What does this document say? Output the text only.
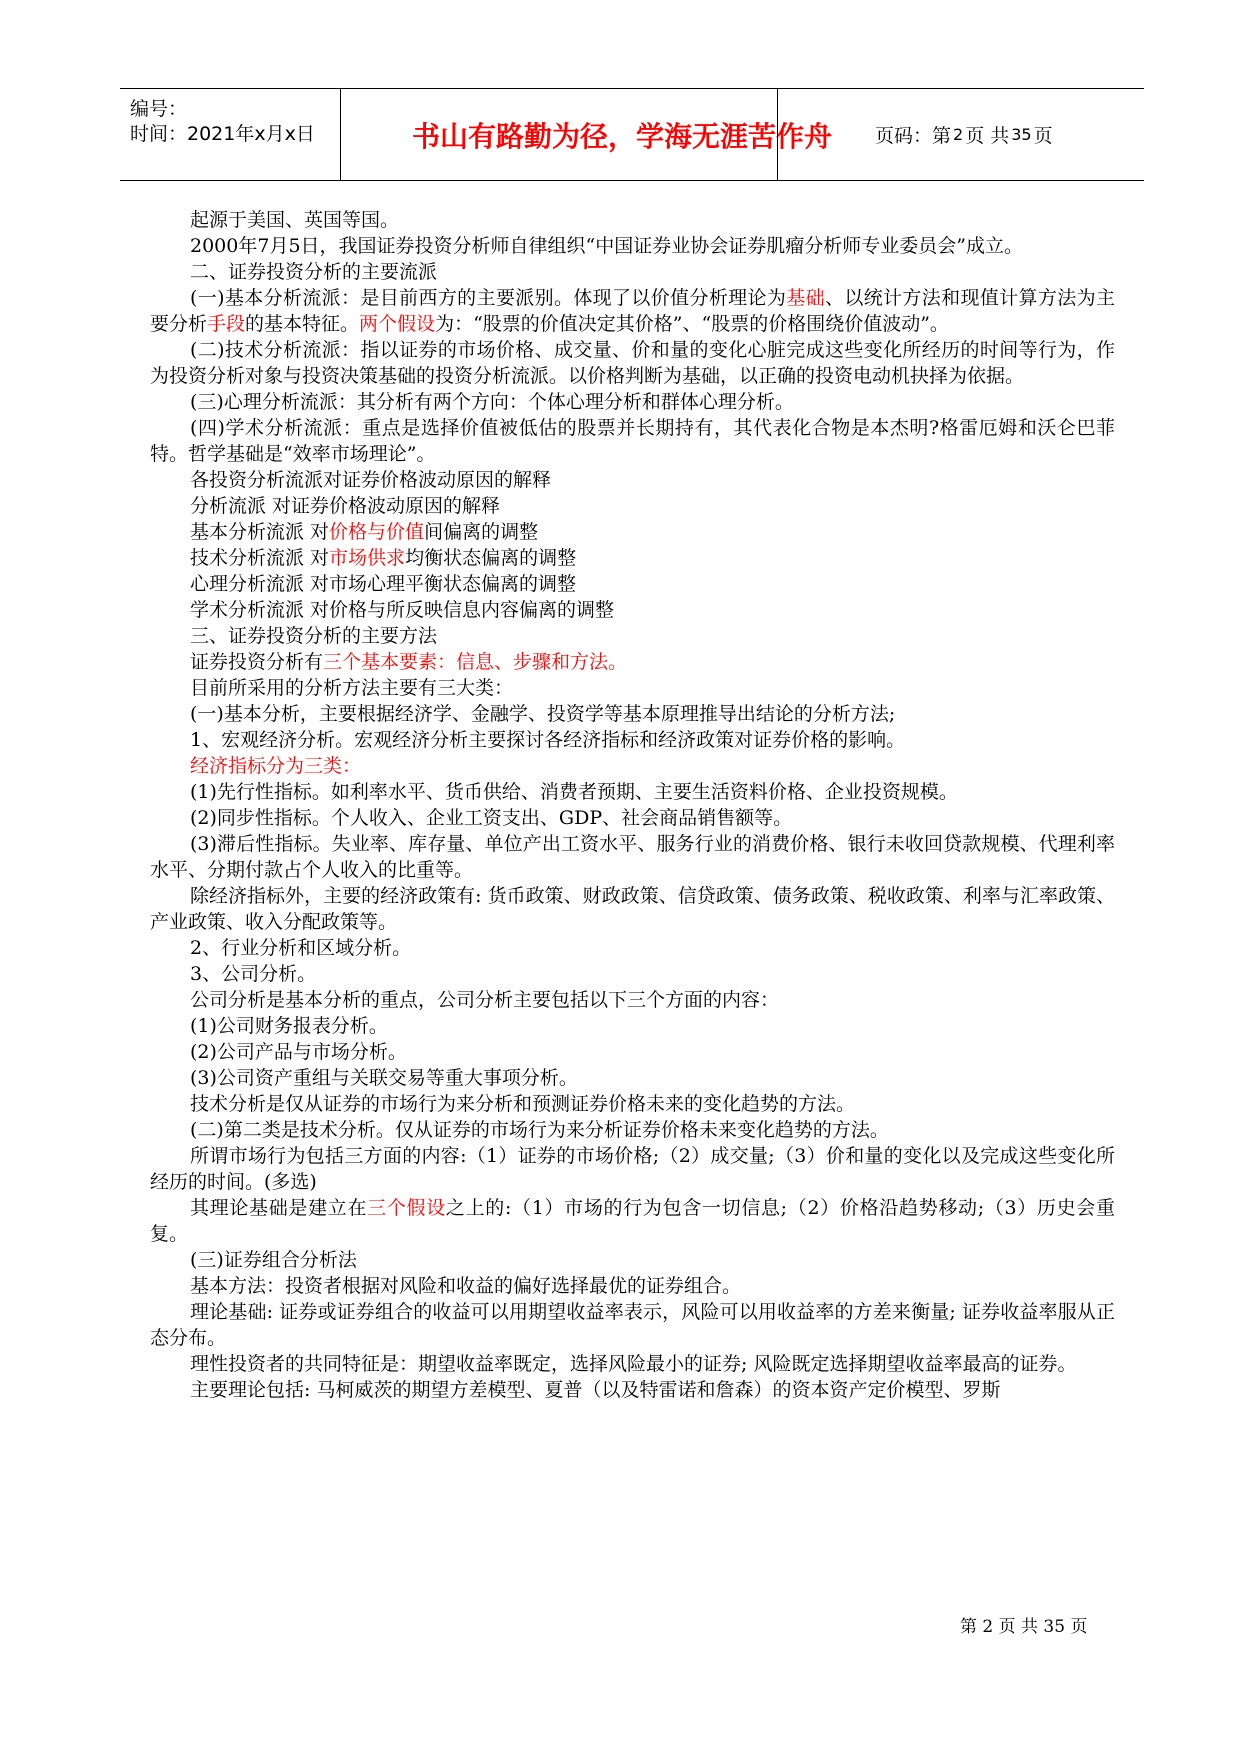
编号：
时间：2021年x月x日	书山有路勤为径，学海无涯苦作舟	页码：第 2 页 共 35 页

起源于美国、英国等国。

2000年7月5日，我国证券投资分析师自律组织“中国证券业协会证券肌瘤分析师专业委员会”成立。

二、证券投资分析的主要流派

(一)基本分析流派：是目前西方的主要派别。体现了以价值分析理论为基础、以统计方法和现值计算方法为主要分析手段的基本特征。两个假设为：“股票的价值决定其价格”、“股票的价格围绕价值波动”。

(二)技术分析流派：指以证券的市场价格、成交量、价和量的变化心脏完成这些变化所经历的时间等行为，作为投资分析对象与投资决策基础的投资分析流派。以价格判断为基础，以正确的投资电动机抉择为依据。

(三)心理分析流派：其分析有两个方向：个体心理分析和群体心理分析。

(四)学术分析流派：重点是选择价值被低估的股票并长期持有，其代表化合物是本杰明?格雷厄姆和沃仑巴菲特。哲学基础是“效率市场理论”。

各投资分析流派对证券价格波动原因的解释

分析流派 对证券价格波动原因的解释

基本分析流派 对价格与价值间偏离的调整

技术分析流派 对市场供求均衡状态偏离的调整

心理分析流派 对市场心理平衡状态偏离的调整

学术分析流派 对价格与所反映信息内容偏离的调整

三、证券投资分析的主要方法

证券投资分析有三个基本要素：信息、步骤和方法。

目前所采用的分析方法主要有三大类：

(一)基本分析，主要根据经济学、金融学、投资学等基本原理推导出结论的分析方法;

1、宏观经济分析。宏观经济分析主要探讨各经济指标和经济政策对证券价格的影响。

经济指标分为三类：

(1)先行性指标。如利率水平、货币供给、消费者预期、主要生活资料价格、企业投资规模。

(2)同步性指标。个人收入、企业工资支出、GDP、社会商品销售额等。

(3)滞后性指标。失业率、库存量、单位产出工资水平、服务行业的消费价格、银行未收回贷款规模、代理利率水平、分期付款占个人收入的比重等。

除经济指标外，主要的经济政策有: 货币政策、财政政策、信贷政策、债务政策、税收政策、利率与汇率政策、产业政策、收入分配政策等。

2、行业分析和区域分析。

3、公司分析。

公司分析是基本分析的重点，公司分析主要包括以下三个方面的内容：

(1)公司财务报表分析。

(2)公司产品与市场分析。

(3)公司资产重组与关联交易等重大事项分析。

技术分析是仅从证券的市场行为来分析和预测证券价格未来的变化趋势的方法。

(二)第二类是技术分析。仅从证券的市场行为来分析证券价格未来变化趋势的方法。

所谓市场行为包括三方面的内容:（1）证券的市场价格;（2）成交量;（3）价和量的变化以及完成这些变化所经历的时间。(多选)

其理论基础是建立在三个假设之上的:（1）市场的行为包含一切信息;（2）价格沿趋势移动;（3）历史会重复。

(三)证券组合分析法

基本方法：投资者根据对风险和收益的偏好选择最优的证券组合。

理论基础: 证券或证券组合的收益可以用期望收益率表示，风险可以用收益率的方差来衡量; 证券收益率服从正态分布。

理性投资者的共同特征是：期望收益率既定，选择风险最小的证券; 风险既定选择期望收益率最高的证券。

主要理论包括: 马柯威茨的期望方差模型、夏普（以及特雷诺和詹森）的资本资产定价模型、罗斯

第 2 页 共 35 页
